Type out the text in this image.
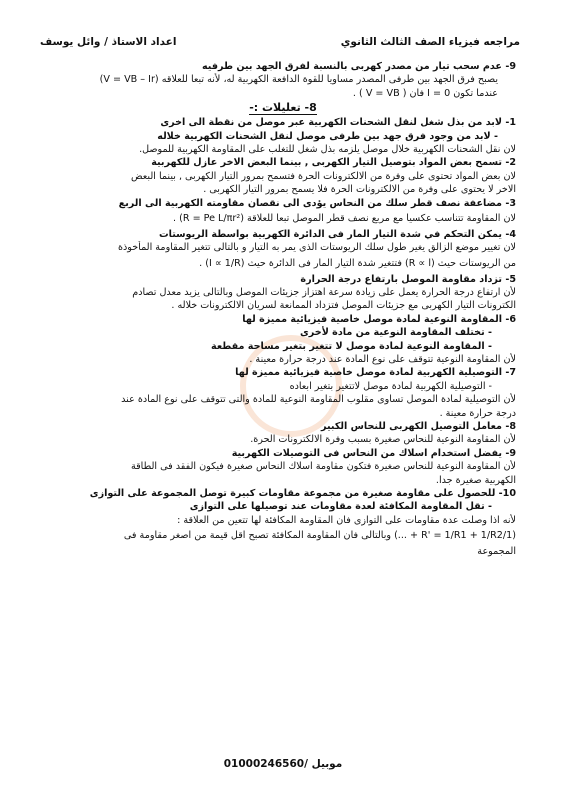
مراجعه فيزياء الصف الثالث الثانوي
اعداد الاستاذ / وائل يوسف
9- عدم سحب تيار من مصدر كهربى بالنسبة لفرق الجهد بين طرفيه
يصبح فرق الجهد بين طرفى المصدر مساويا للقوة الدافعة الكهربية له، لأنه تبعا للعلاقه (V = VB – Ir)
عندما تكون I = 0 فان ( V = VB ) .
8- تعليلات :-
1- لابد من بذل شغل لنقل الشحنات الكهربية عبر موصل من نقطة الى اخرى
- لابد من وجود فرق جهد بين طرفى موصل لنقل الشحنات الكهربية خلاله
لان نقل الشحنات الكهربية خلال موصل يلزمه بذل شغل للتغلب على المقاومة الكهربية للموصل.
2- تسمح بعض المواد بتوصيل التيار الكهربى , بينما البعض الاخر عازل للكهربية
لان بعض المواد تحتوى على وفرة من الالكترونات الحرة فتسمح بمرور التيار الكهربى , بينما البعض
الاخر لا يحتوى على وفرة من الالكترونات الحرة فلا يسمح بمرور التيار الكهربى .
3- مضاعفة نصف قطر سلك من النحاس يؤدى الى نقصان مقاومته الكهربية الى الربع
لان المقاومة تتناسب عكسيا مع مربع نصف قطر الموصل تبعا للعلاقة (R = Pe L/πr²) .
4- يمكن التحكم في شدة التيار المار فى الدائرة الكهربية بواسطة الريوستات
لان تغيير موضع الزالق يغير طول سلك الريوستات الذى يمر به التيار و بالتالى تتغير المقاومة المأخوذة
من الريوستات حيث (R ∝ l) فتتغير شدة التيار المار فى الدائرة حيث (I ∝ 1/R) .
5- تزداد مقاومة الموصل بارتفاع درجة الحرارة
لأن ارتفاع درجة الحرارة يعمل على زيادة سرعة اهتزاز جزيئات الموصل وبالتالى يزيد معدل تصادم
الكترونات التيار الكهربى مع جزيئات الموصل فتزداد الممانعة لسريان الالكترونات خلاله .
6- المقاومة النوعية لمادة موصل خاصية فيزيائية مميزة لها
- تختلف المقاومة النوعية من مادة لأخرى
- المقاومة النوعية لمادة موصل لا تتغير بتغير مساحة مقطعة
لأن المقاومة النوعية تتوقف على نوع المادة عند درجة حرارة معينة .
7- التوصيلية الكهربية لمادة موصل خاصية فيزيائية مميزة لها
- التوصيلية الكهربية لمادة موصل لاتتغير بتغير ابعاده
لأن التوصيلية لمادة الموصل تساوى مقلوب المقاومة النوعية للمادة والتى تتوقف على نوع المادة عند
درجة حرارة معينة .
8- معامل التوصيل الكهربى للنحاس الكبير
لأن المقاومة النوعية للنحاس صغيرة بسبب وفرة الالكترونات الحرة.
9- يفضل استخدام اسلاك من النحاس فى التوصيلات الكهربية
لأن المقاومة النوعية للنحاس صغيرة فتكون مقاومة اسلاك النحاس صغيرة فيكون الفقد فى الطاقة
الكهربية صغيرة جدا.
10- للحصول على مقاومة صغيرة من مجموعة مقاومات كبيرة توصل المجموعة على التوازى
- تقل المقاومة المكافئة لعدة مقاومات عند توصيلها على التوازى
لأنه اذا وصلت عدة مقاومات على التوازى فان المقاومة المكافئة لها تتعين من العلاقة :
(1/R' = 1/R1 + 1/R2 + ...) وبالتالى فان المقاومة المكافئة تصبح اقل قيمة من اصغر مقاومة فى
المجموعة
موبيل /01000246560
